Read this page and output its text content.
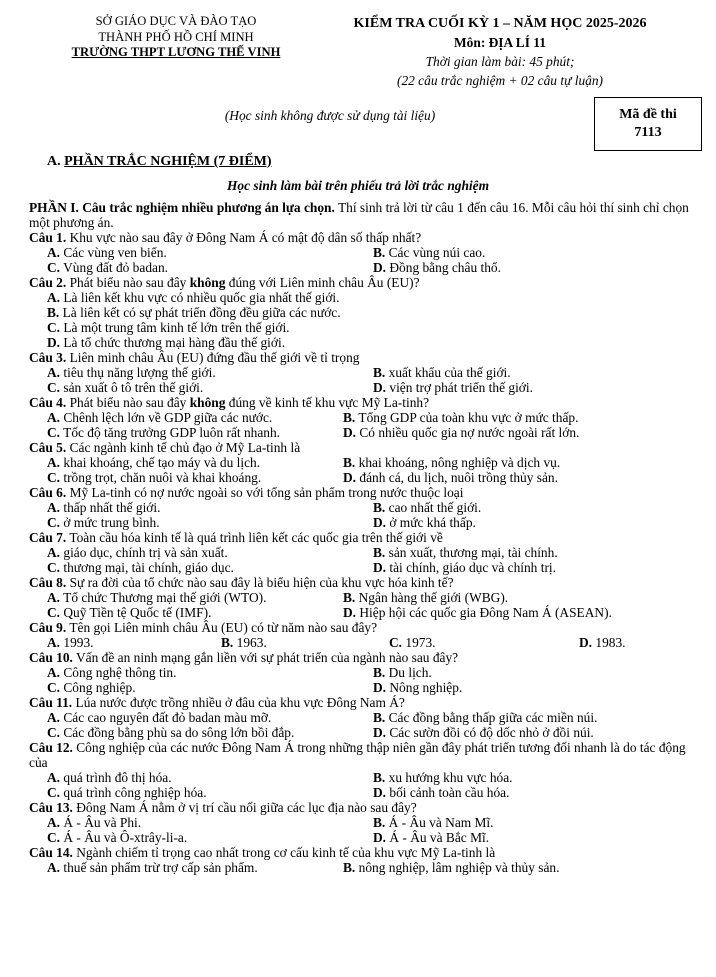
SỞ GIÁO DỤC VÀ ĐÀO TẠO
THÀNH PHỐ HỒ CHÍ MINH
TRƯỜNG THPT LƯƠNG THẾ VINH
KIỂM TRA CUỐI KỲ 1 – NĂM HỌC 2025-2026
Môn: ĐỊA LÍ 11
Thời gian làm bài: 45 phút;
(22 câu trắc nghiệm + 02 câu tự luận)
(Học sinh không được sử dụng tài liệu)	Mã đề thi
7113
A. PHẦN TRẮC NGHIỆM (7 ĐIỂM)
Học sinh làm bài trên phiếu trả lời trắc nghiệm

PHẦN I. Câu trắc nghiệm nhiều phương án lựa chọn. Thí sinh trả lời từ câu 1 đến câu 16. Mỗi câu hỏi thí sinh chỉ chọn một phương án.

Câu 1. Khu vực nào sau đây ở Đông Nam Á có mật độ dân số thấp nhất?

A. Các vùng ven biển.	B. Các vùng núi cao.
C. Vùng đất đỏ badan.	D. Đồng bằng châu thổ.

Câu 2. Phát biểu nào sau đây không đúng với Liên minh châu Âu (EU)?

A. Là liên kết khu vực có nhiều quốc gia nhất thế giới.
B. Là liên kết có sự phát triển đồng đều giữa các nước.
C. Là một trung tâm kinh tế lớn trên thế giới.
D. Là tổ chức thương mại hàng đầu thế giới.

Câu 3. Liên minh châu Âu (EU) đứng đầu thế giới về tỉ trọng

A. tiêu thụ năng lượng thế giới.	B. xuất khẩu của thế giới.
C. sản xuất ô tô trên thế giới.	D. viện trợ phát triển thế giới.

Câu 4. Phát biểu nào sau đây không đúng về kinh tế khu vực Mỹ La-tinh?

A. Chênh lệch lớn về GDP giữa các nước.	B. Tổng GDP của toàn khu vực ở mức thấp.
C. Tốc độ tăng trưởng GDP luôn rất nhanh.	D. Có nhiều quốc gia nợ nước ngoài rất lớn.

Câu 5. Các ngành kinh tế chủ đạo ở Mỹ La-tinh là

A. khai khoáng, chế tạo máy và du lịch.	B. khai khoáng, nông nghiệp và dịch vụ.
C. trồng trọt, chăn nuôi và khai khoáng.	D. đánh cá, du lịch, nuôi trồng thủy sản.

Câu 6. Mỹ La-tinh có nợ nước ngoài so với tổng sản phẩm trong nước thuộc loại

A. thấp nhất thế giới.	B. cao nhất thế giới.
C. ở mức trung bình.	D. ở mức khá thấp.

Câu 7. Toàn cầu hóa kinh tế là quá trình liên kết các quốc gia trên thế giới về

A. giáo dục, chính trị và sản xuất.	B. sản xuất, thương mại, tài chính.
C. thương mại, tài chính, giáo dục.	D. tài chính, giáo dục và chính trị.

Câu 8. Sự ra đời của tổ chức nào sau đây là biểu hiện của khu vực hóa kinh tế?

A. Tổ chức Thương mại thế giới (WTO).	B. Ngân hàng thế giới (WBG).
C. Quỹ Tiền tệ Quốc tế (IMF).	D. Hiệp hội các quốc gia Đông Nam Á (ASEAN).

Câu 9. Tên gọi Liên minh châu Âu (EU) có từ năm nào sau đây?

A. 1993.	B. 1963.	C. 1973.	D. 1983.

Câu 10. Vấn đề an ninh mạng gắn liền với sự phát triển của ngành nào sau đây?

A. Công nghệ thông tin.	B. Du lịch.
C. Công nghiệp.	D. Nông nghiệp.

Câu 11. Lúa nước được trồng nhiều ở đâu của khu vực Đông Nam Á?

A. Các cao nguyên đất đỏ badan màu mỡ.	B. Các đồng bằng thấp giữa các miền núi.
C. Các đồng bằng phù sa do sông lớn bồi đắp.	D. Các sườn đồi có độ dốc nhỏ ở đồi núi.

Câu 12. Công nghiệp của các nước Đông Nam Á trong những thập niên gần đây phát triển tương đối nhanh là do tác động của

A. quá trình đô thị hóa.	B. xu hướng khu vực hóa.
C. quá trình công nghiệp hóa.	D. bối cảnh toàn cầu hóa.

Câu 13. Đông Nam Á nằm ở vị trí cầu nối giữa các lục địa nào sau đây?

A. Á - Âu và Phi.	B. Á - Âu và Nam Mĩ.
C. Á - Âu và Ô-xtrây-li-a.	D. Á - Âu và Bắc Mĩ.

Câu 14. Ngành chiếm tỉ trọng cao nhất trong cơ cấu kinh tế của khu vực Mỹ La-tinh là

A. thuế sản phẩm trừ trợ cấp sản phẩm.	B. nông nghiệp, lâm nghiệp và thủy sản.
